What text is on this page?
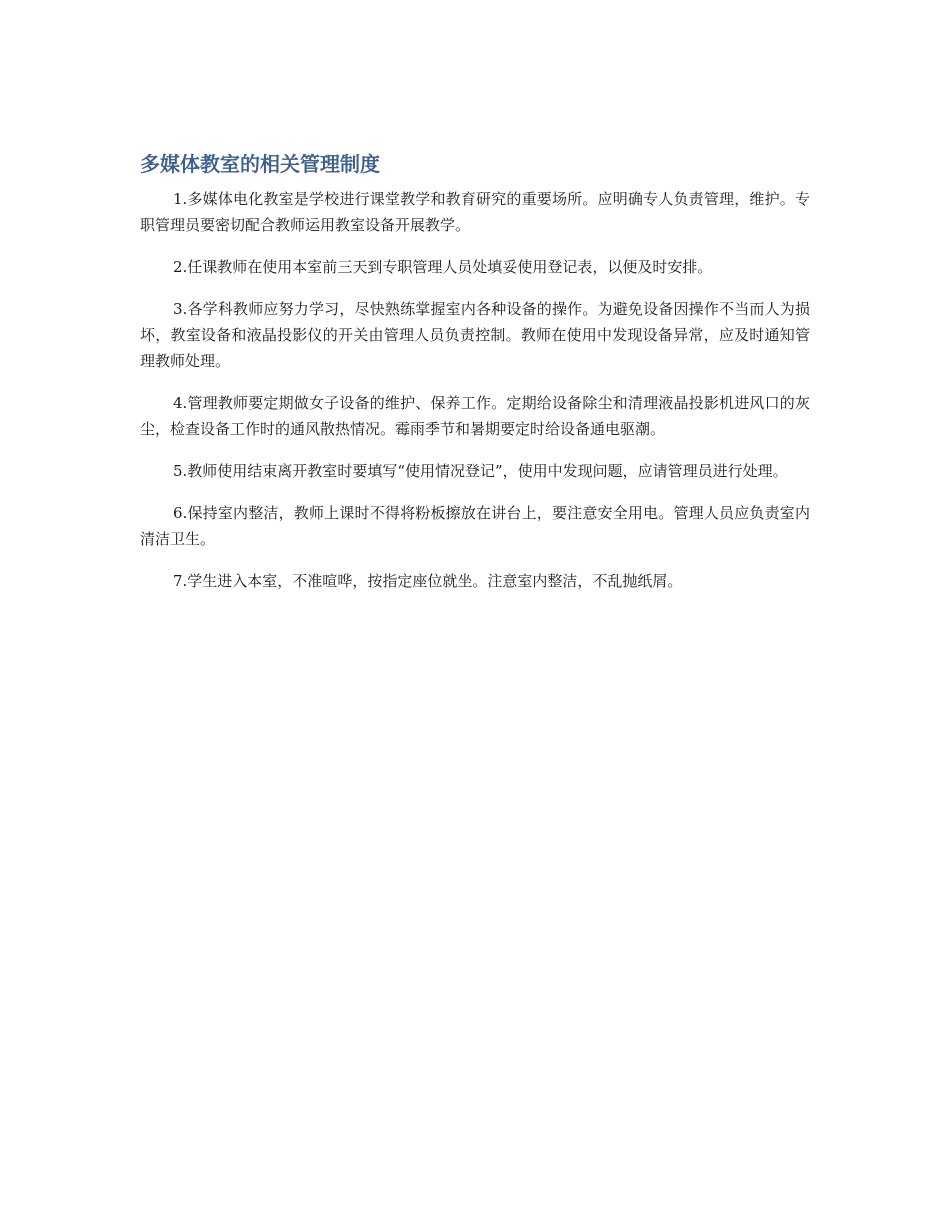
多媒体教室的相关管理制度

1.多媒体电化教室是学校进行课堂教学和教育研究的重要场所。应明确专人负责管理，维护。专职管理员要密切配合教师运用教室设备开展教学。

2.任课教师在使用本室前三天到专职管理人员处填妥使用登记表，以便及时安排。

3.各学科教师应努力学习，尽快熟练掌握室内各种设备的操作。为避免设备因操作不当而人为损坏，教室设备和液晶投影仪的开关由管理人员负责控制。教师在使用中发现设备异常，应及时通知管理教师处理。

4.管理教师要定期做女子设备的维护、保养工作。定期给设备除尘和清理液晶投影机进风口的灰尘，检查设备工作时的通风散热情况。霉雨季节和暑期要定时给设备通电驱潮。

5.教师使用结束离开教室时要填写“使用情况登记”，使用中发现问题，应请管理员进行处理。

6.保持室内整洁，教师上课时不得将粉板擦放在讲台上，要注意安全用电。管理人员应负责室内清洁卫生。

7.学生进入本室，不准喧哗，按指定座位就坐。注意室内整洁，不乱抛纸屑。
